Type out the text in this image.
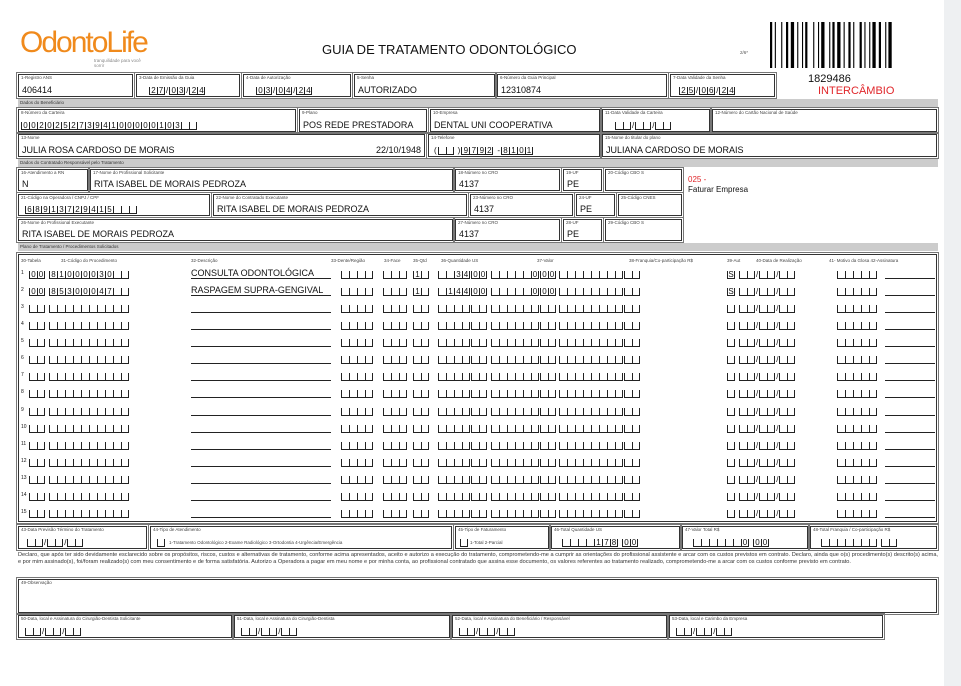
OdontoLife
tranquilidade para você sorrir
GUIA DE TRATAMENTO ODONTOLÓGICO	2/6*
1829486
INTERCÂMBIO
1-Registro ANS
406414
3-Data de Emissão da Guia
2 7 / 0 3 / 2 4
4-Data de Autorização
0 3 / 0 4 / 2 4
5-Senha
AUTORIZADO
6-Número da Guia Principal
12310874
7-Data Validade da Senha
2 5 / 0 6 / 2 4
Dados do Beneficiário
8-Número da Carteira
0 0 2 0 2 5 2 7 3 9 4 1 0 0 0 0 0 1 0 3
9-Plano
POS REDE PRESTADORA
10-Empresa
DENTAL UNI COOPERATIVA
11-Data Validade da Carteira
/ /
12-Número do Cartão Nacional de Saúde
13-Nome
JULIA ROSA CARDOSO DE MORAIS	22/10/1948
14-Telefone
(	) 9 7 9 2 - 8 1 0 1
15-Nome do titular do plano
JULIANA CARDOSO DE MORAIS
Dados do Contratado Responsável pelo Tratamento
16-Atendimento a RN
N
17-Nome do Profissional Solicitante
RITA ISABEL DE MORAIS PEDROZA
18-Número no CRO
4137
19-UF
PE
20-Código CBO S
025 -
Faturar Empresa
21-Código na Operadora / CNPJ / CPF
6 8 9 1 3 7 2 9 4 1 5
22-Nome do Contratado Executante
RITA ISABEL DE MORAIS PEDROZA
23-Número no CRO
4137
24-UF
PE
25-Código CNES
26-Nome do Profissional Executante
RITA ISABEL DE MORAIS PEDROZA
27-Número no CRO
4137
28-UF
PE
29-Código CBO S
Plano de Tratamento / Procedimentos Solicitados
30-Tabela	31-Código do Procedimento	32-Descrição	33-Dente/Região	34-Face	35-Qtd	36-Quantidade US	37-Valor	38-Franquia/Co-participação R$	39-Aut	40-Data de Realização	41- Motivo da Glosa 42-Assinatura
1 0 0 8 1 0 0 0 0 3 0	CONSULTA ODONTOLÓGICA	1	3 4 0 0	0 0 0	S	/ /
2 0 0 8 5 3 0 0 0 4 7	RASPAGEM SUPRA-GENGIVAL	1	1 4 4 0 0	0 0 0	S	/ /
3	/ /
4	/ /
5	/ /
6	/ /
7	/ /
8	/ /
9	/ /
10	/ /
11	/ /
12	/ /
13	/ /
14	/ /
15	/ /
43-Data Previsão Término do Tratamento
/ /
44-Tipo de Atendimento
1-Tratamento Odontológico 2-Exame Radiológico 3-Ortodontia 4-Urgência/Emergência
45-Tipo de Faturamento
1-Total 2-Parcial
46-Total Quantidade US
1 7 8 0 0
47-Valor Total R$
0 0 0
48-Total Franquia / Co-participação R$
49-Observação
50-Data, local e Assinatura do Cirurgião-Dentista Solicitante
/ /
51-Data, local e Assinatura do Cirurgião-Dentista
/ /
52-Data, local e Assinatura do Beneficiário / Responsável
/ /
53-Data, local e Carimbo da Empresa
/ /
Declaro, que após ter sido devidamente esclarecido sobre os propósitos, riscos, custos e alternativas de tratamento, conforme acima apresentados, aceito e autorizo a execução do tratamento, comprometendo-me a cumprir as orientações do profissional assistente e arcar com os custos previstos em contrato. Declaro, ainda que o(s) procedimento(s) descrito(s) acima, e por mim assinado(s), foi/foram realizado(s) com meu consentimento e de forma satisfatória. Autorizo a Operadora a pagar em meu nome e por minha conta, ao profissional contratado que assina esse documento, os valores referentes ao tratamento realizado, comprometendo-me a arcar com os custos conforme previsto em contrato.
